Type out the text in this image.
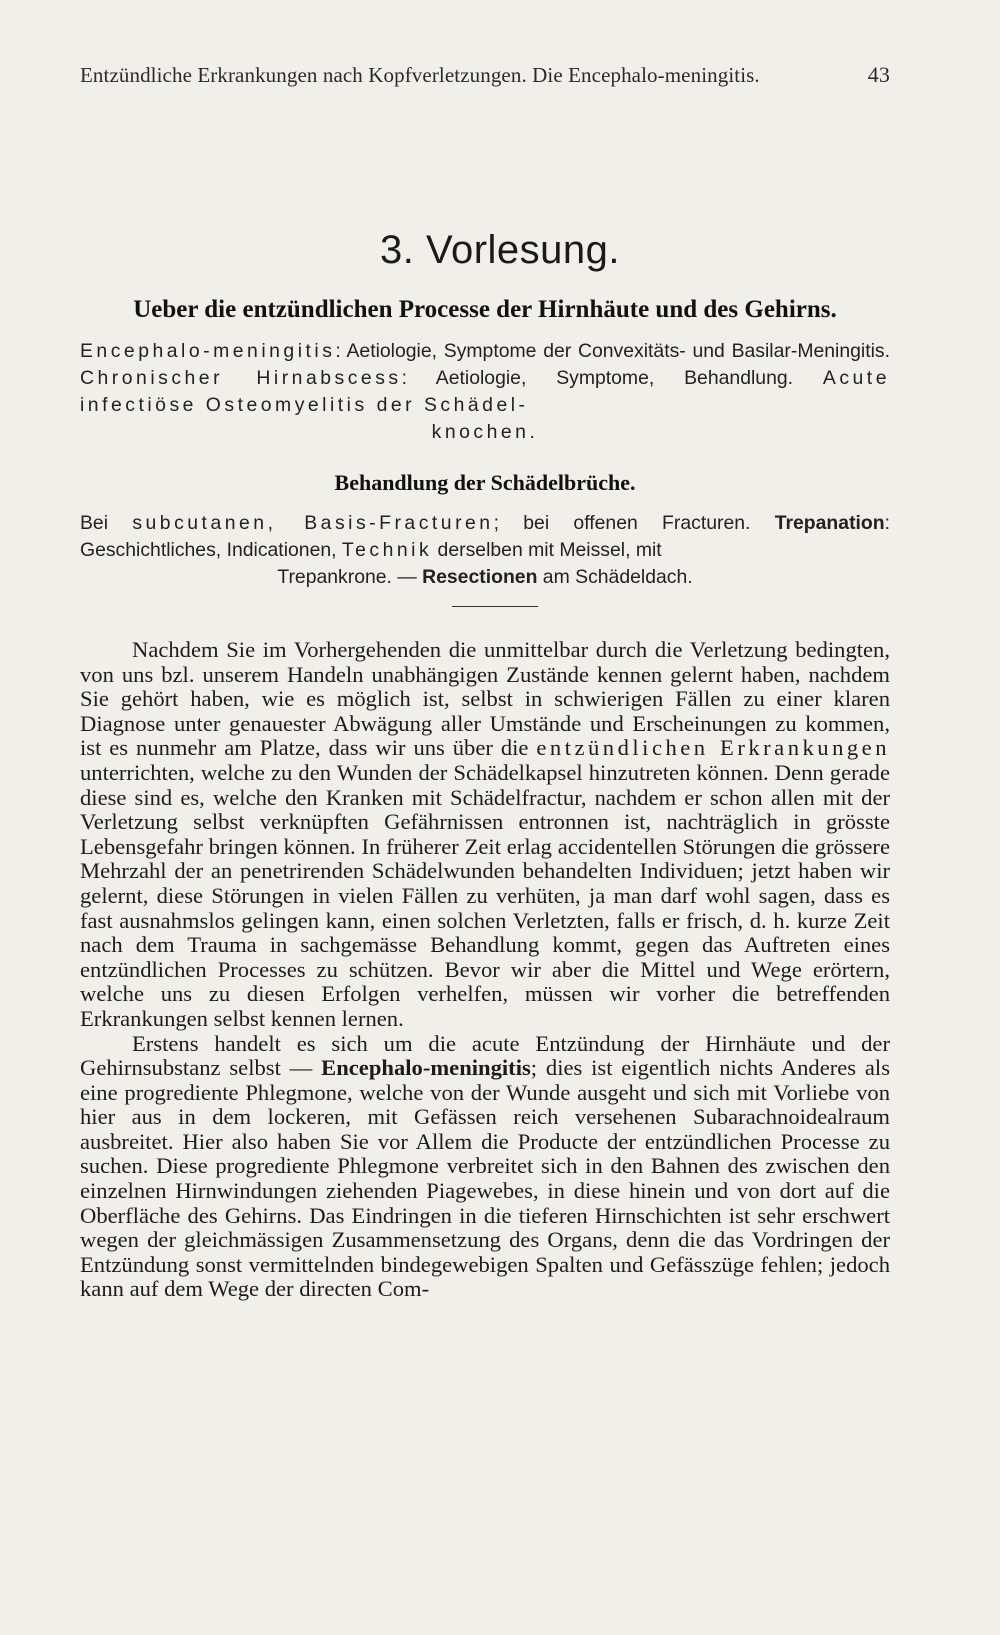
Entzündliche Erkrankungen nach Kopfverletzungen. Die Encephalo-meningitis.	43
3. Vorlesung.
Ueber die entzündlichen Processe der Hirnhäute und des Gehirns.
Encephalo-meningitis: Aetiologie, Symptome der Convexitäts- und Basilar-Meningitis. Chronischer Hirnabscess: Aetiologie, Symptome, Behandlung. Acute infectiöse Osteomyelitis der Schädel-
knochen.
Behandlung der Schädelbrüche.
Bei subcutanen, Basis-Fracturen; bei offenen Fracturen. Trepanation: Geschichtliches, Indicationen, Technik derselben mit Meissel, mit
Trepankrone. — Resectionen am Schädeldach.

Nachdem Sie im Vorhergehenden die unmittelbar durch die Verletzung bedingten, von uns bzl. unserem Handeln unabhängigen Zustände kennen gelernt haben, nachdem Sie gehört haben, wie es möglich ist, selbst in schwierigen Fällen zu einer klaren Diagnose unter genauester Abwägung aller Umstände und Erscheinungen zu kommen, ist es nunmehr am Platze, dass wir uns über die entzündlichen Erkrankungen unterrichten, welche zu den Wunden der Schädelkapsel hinzutreten können. Denn gerade diese sind es, welche den Kranken mit Schädelfractur, nachdem er schon allen mit der Verletzung selbst verknüpften Gefährnissen entronnen ist, nachträglich in grösste Lebensgefahr bringen können. In früherer Zeit erlag accidentellen Störungen die grössere Mehrzahl der an penetrirenden Schädelwunden behandelten Individuen; jetzt haben wir gelernt, diese Störungen in vielen Fällen zu verhüten, ja man darf wohl sagen, dass es fast ausnahmslos gelingen kann, einen solchen Verletzten, falls er frisch, d. h. kurze Zeit nach dem Trauma in sachgemässe Behandlung kommt, gegen das Auftreten eines entzündlichen Processes zu schützen. Bevor wir aber die Mittel und Wege erörtern, welche uns zu diesen Erfolgen verhelfen, müssen wir vorher die betreffenden Erkrankungen selbst kennen lernen.

Erstens handelt es sich um die acute Entzündung der Hirnhäute und der Gehirnsubstanz selbst — Encephalo-meningitis; dies ist eigentlich nichts Anderes als eine progrediente Phlegmone, welche von der Wunde ausgeht und sich mit Vorliebe von hier aus in dem lockeren, mit Gefässen reich versehenen Subarachnoidealraum ausbreitet. Hier also haben Sie vor Allem die Producte der entzündlichen Processe zu suchen. Diese progrediente Phlegmone verbreitet sich in den Bahnen des zwischen den einzelnen Hirnwindungen ziehenden Piagewebes, in diese hinein und von dort auf die Oberfläche des Gehirns. Das Eindringen in die tieferen Hirnschichten ist sehr erschwert wegen der gleichmässigen Zusammensetzung des Organs, denn die das Vordringen der Entzündung sonst vermittelnden bindegewebigen Spalten und Gefässzüge fehlen; jedoch kann auf dem Wege der directen Com-
